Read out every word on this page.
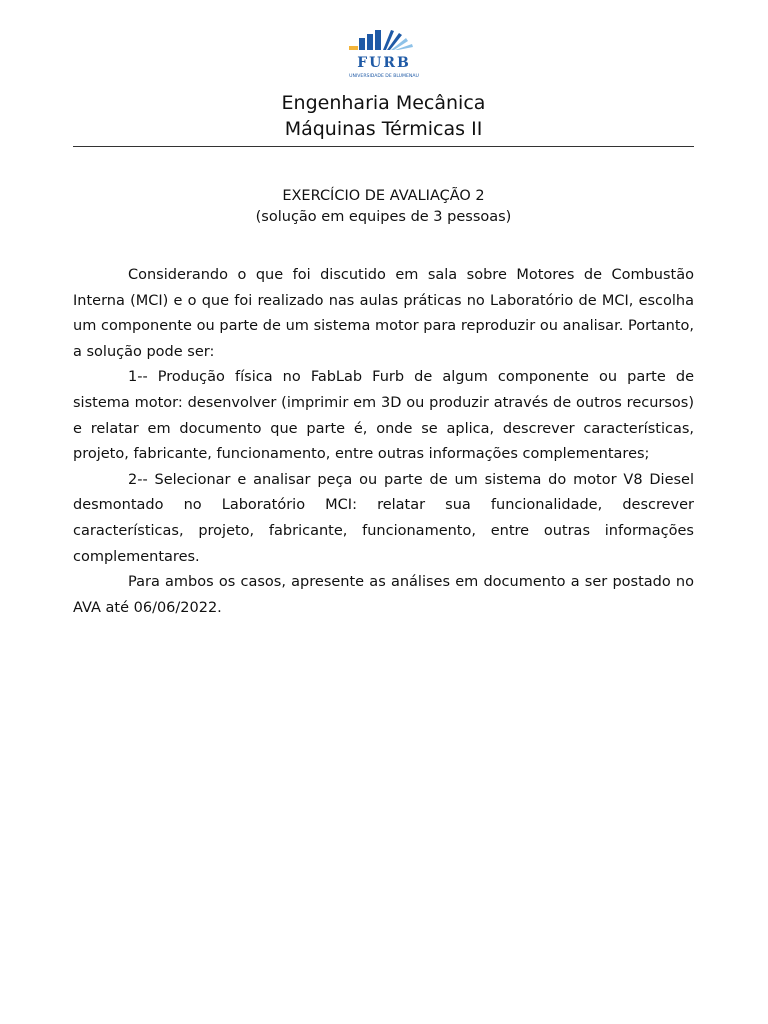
FURB
UNIVERSIDADE DE BLUMENAU
Engenharia Mecânica
Máquinas Térmicas II
EXERCÍCIO DE AVALIAÇÃO 2
(solução em equipes de 3 pessoas)

Considerando o que foi discutido em sala sobre Motores de Combustão Interna (MCI) e o que foi realizado nas aulas práticas no Laboratório de MCI, escolha um componente ou parte de um sistema motor para reproduzir ou analisar. Portanto, a solução pode ser:

1-- Produção física no FabLab Furb de algum componente ou parte de sistema motor: desenvolver (imprimir em 3D ou produzir através de outros recursos) e relatar em documento que parte é, onde se aplica, descrever características, projeto, fabricante, funcionamento, entre outras informações complementares;

2-- Selecionar e analisar peça ou parte de um sistema do motor V8 Diesel desmontado no Laboratório MCI: relatar sua funcionalidade, descrever características, projeto, fabricante, funcionamento, entre outras informações complementares.

Para ambos os casos, apresente as análises em documento a ser postado no AVA até 06/06/2022.
